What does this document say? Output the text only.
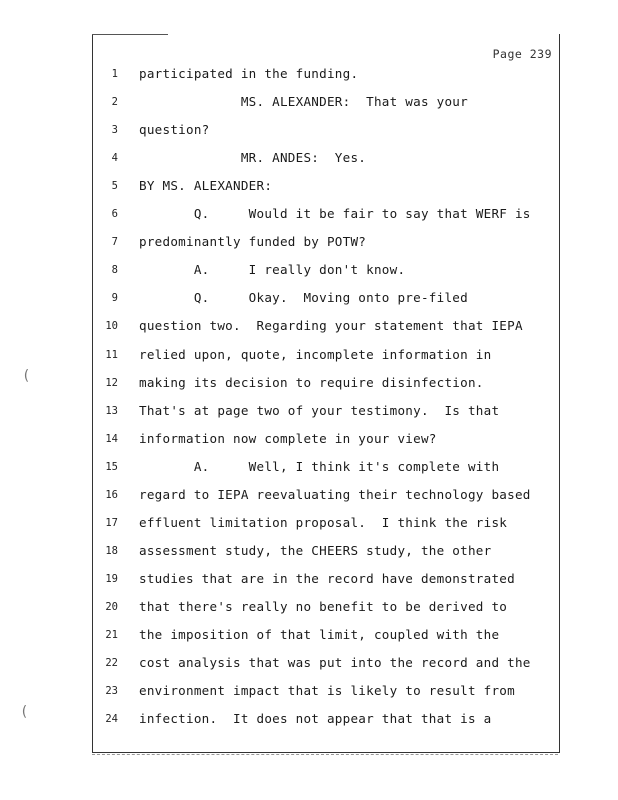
Page 239
1 participated in the funding.
2 MS. ALEXANDER:  That was your
3 question?
4 MR. ANDES:  Yes.
5 BY MS. ALEXANDER:
6 Q.     Would it be fair to say that WERF is
7 predominantly funded by POTW?
8 A.     I really don't know.
9 Q.     Okay.  Moving onto pre-filed
10 question two.  Regarding your statement that IEPA
11 relied upon, quote, incomplete information in
12 making its decision to require disinfection.
13 That's at page two of your testimony.  Is that
14 information now complete in your view?
15 A.     Well, I think it's complete with
16 regard to IEPA reevaluating their technology based
17 effluent limitation proposal.  I think the risk
18 assessment study, the CHEERS study, the other
19 studies that are in the record have demonstrated
20 that there's really no benefit to be derived to
21 the imposition of that limit, coupled with the
22 cost analysis that was put into the record and the
23 environment impact that is likely to result from
24 infection.  It does not appear that that is a
(
(
